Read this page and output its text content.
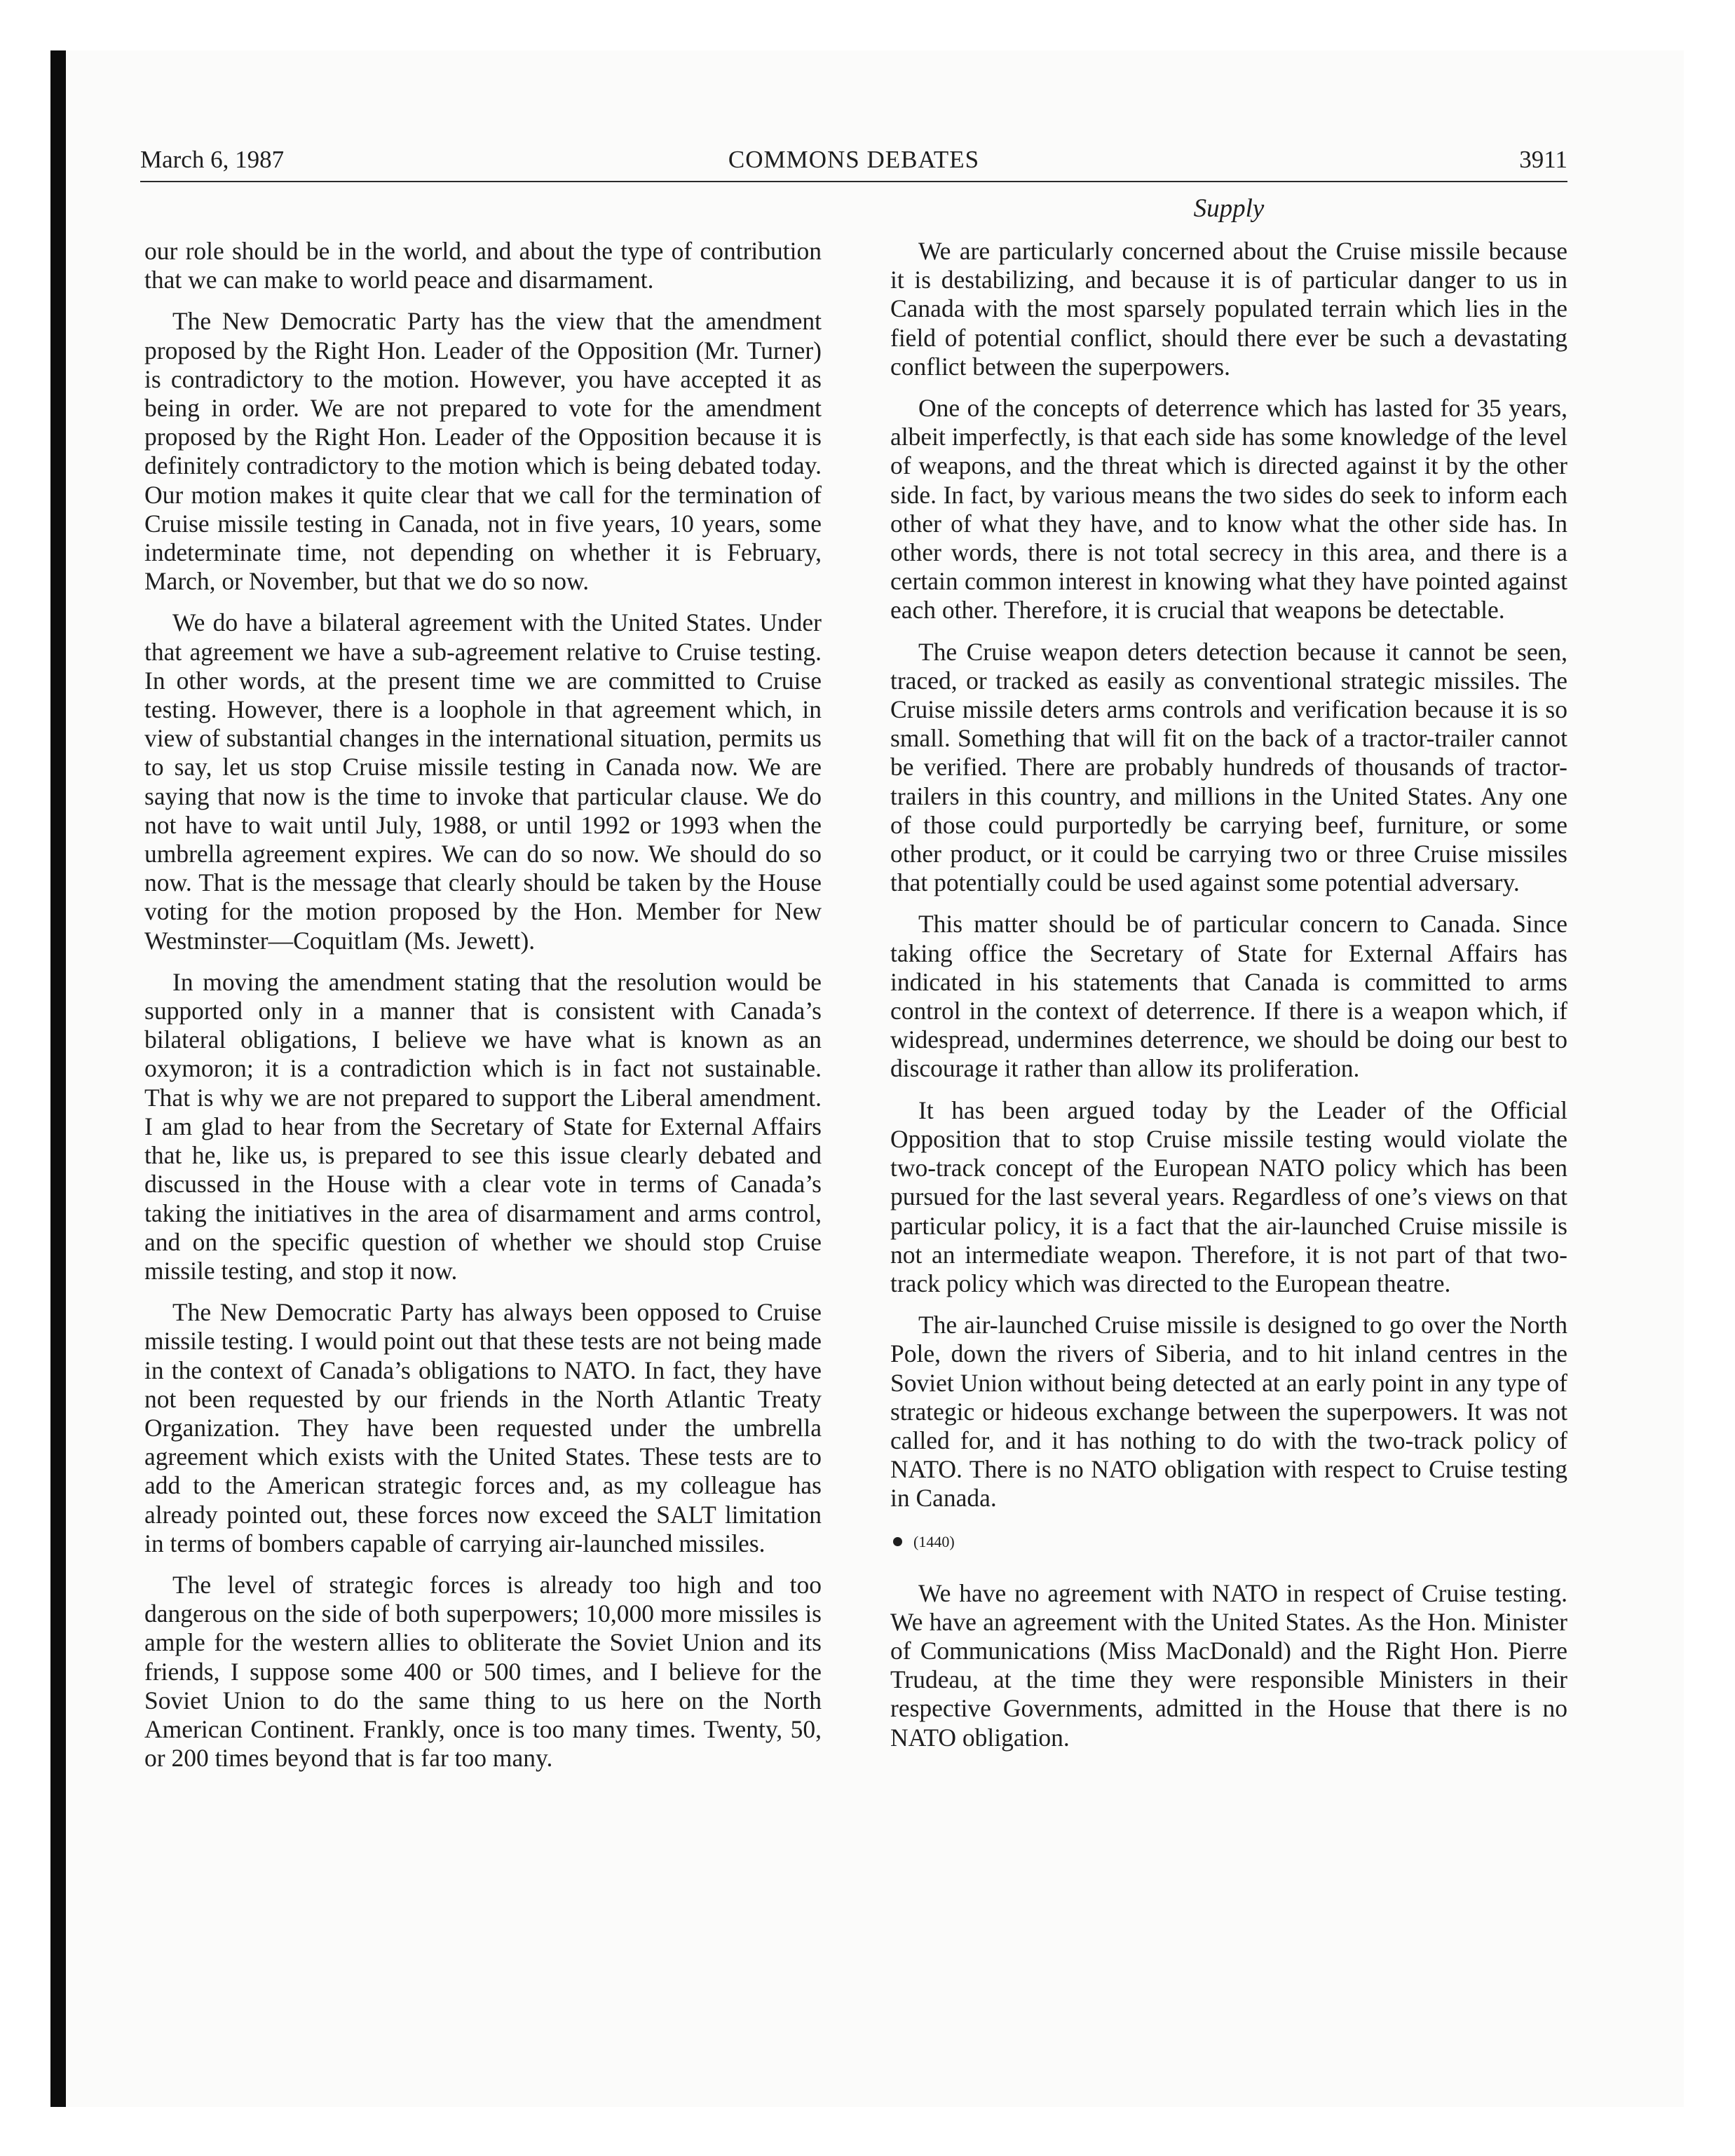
March 6, 1987	COMMONS DEBATES	3911
Supply

our role should be in the world, and about the type of contribution that we can make to world peace and disarmament.

The New Democratic Party has the view that the amendment proposed by the Right Hon. Leader of the Opposition (Mr. Turner) is contradictory to the motion. However, you have accepted it as being in order. We are not prepared to vote for the amendment proposed by the Right Hon. Leader of the Opposition because it is definitely contradictory to the motion which is being debated today. Our motion makes it quite clear that we call for the termination of Cruise missile testing in Canada, not in five years, 10 years, some indeterminate time, not depending on whether it is February, March, or November, but that we do so now.

We do have a bilateral agreement with the United States. Under that agreement we have a sub-agreement relative to Cruise testing. In other words, at the present time we are committed to Cruise testing. However, there is a loophole in that agreement which, in view of substantial changes in the international situation, permits us to say, let us stop Cruise missile testing in Canada now. We are saying that now is the time to invoke that particular clause. We do not have to wait until July, 1988, or until 1992 or 1993 when the umbrella agreement expires. We can do so now. We should do so now. That is the message that clearly should be taken by the House voting for the motion proposed by the Hon. Member for New Westminster—Coquitlam (Ms. Jewett).

In moving the amendment stating that the resolution would be supported only in a manner that is consistent with Canada’s bilateral obligations, I believe we have what is known as an oxymoron; it is a contradiction which is in fact not sustainable. That is why we are not prepared to support the Liberal amendment. I am glad to hear from the Secretary of State for External Affairs that he, like us, is prepared to see this issue clearly debated and discussed in the House with a clear vote in terms of Canada’s taking the initiatives in the area of disarmament and arms control, and on the specific question of whether we should stop Cruise missile testing, and stop it now.

The New Democratic Party has always been opposed to Cruise missile testing. I would point out that these tests are not being made in the context of Canada’s obligations to NATO. In fact, they have not been requested by our friends in the North Atlantic Treaty Organization. They have been requested under the umbrella agreement which exists with the United States. These tests are to add to the American strategic forces and, as my colleague has already pointed out, these forces now exceed the SALT limitation in terms of bombers capable of carrying air-launched missiles.

The level of strategic forces is already too high and too dangerous on the side of both superpowers; 10,000 more missiles is ample for the western allies to obliterate the Soviet Union and its friends, I suppose some 400 or 500 times, and I believe for the Soviet Union to do the same thing to us here on the North American Continent. Frankly, once is too many times. Twenty, 50, or 200 times beyond that is far too many.

We are particularly concerned about the Cruise missile because it is destabilizing, and because it is of particular danger to us in Canada with the most sparsely populated terrain which lies in the field of potential conflict, should there ever be such a devastating conflict between the superpowers.

One of the concepts of deterrence which has lasted for 35 years, albeit imperfectly, is that each side has some knowledge of the level of weapons, and the threat which is directed against it by the other side. In fact, by various means the two sides do seek to inform each other of what they have, and to know what the other side has. In other words, there is not total secrecy in this area, and there is a certain common interest in knowing what they have pointed against each other. Therefore, it is crucial that weapons be detectable.

The Cruise weapon deters detection because it cannot be seen, traced, or tracked as easily as conventional strategic missiles. The Cruise missile deters arms controls and verification because it is so small. Something that will fit on the back of a tractor-trailer cannot be verified. There are probably hundreds of thousands of tractor-trailers in this country, and millions in the United States. Any one of those could purportedly be carrying beef, furniture, or some other product, or it could be carrying two or three Cruise missiles that potentially could be used against some potential adversary.

This matter should be of particular concern to Canada. Since taking office the Secretary of State for External Affairs has indicated in his statements that Canada is committed to arms control in the context of deterrence. If there is a weapon which, if widespread, undermines deterrence, we should be doing our best to discourage it rather than allow its proliferation.

It has been argued today by the Leader of the Official Opposition that to stop Cruise missile testing would violate the two-track concept of the European NATO policy which has been pursued for the last several years. Regardless of one’s views on that particular policy, it is a fact that the air-launched Cruise missile is not an intermediate weapon. Therefore, it is not part of that two-track policy which was directed to the European theatre.

The air-launched Cruise missile is designed to go over the North Pole, down the rivers of Siberia, and to hit inland centres in the Soviet Union without being detected at an early point in any type of strategic or hideous exchange between the superpowers. It was not called for, and it has nothing to do with the two-track policy of NATO. There is no NATO obligation with respect to Cruise testing in Canada.

(1440)

We have no agreement with NATO in respect of Cruise testing. We have an agreement with the United States. As the Hon. Minister of Communications (Miss MacDonald) and the Right Hon. Pierre Trudeau, at the time they were responsible Ministers in their respective Governments, admitted in the House that there is no NATO obligation.
